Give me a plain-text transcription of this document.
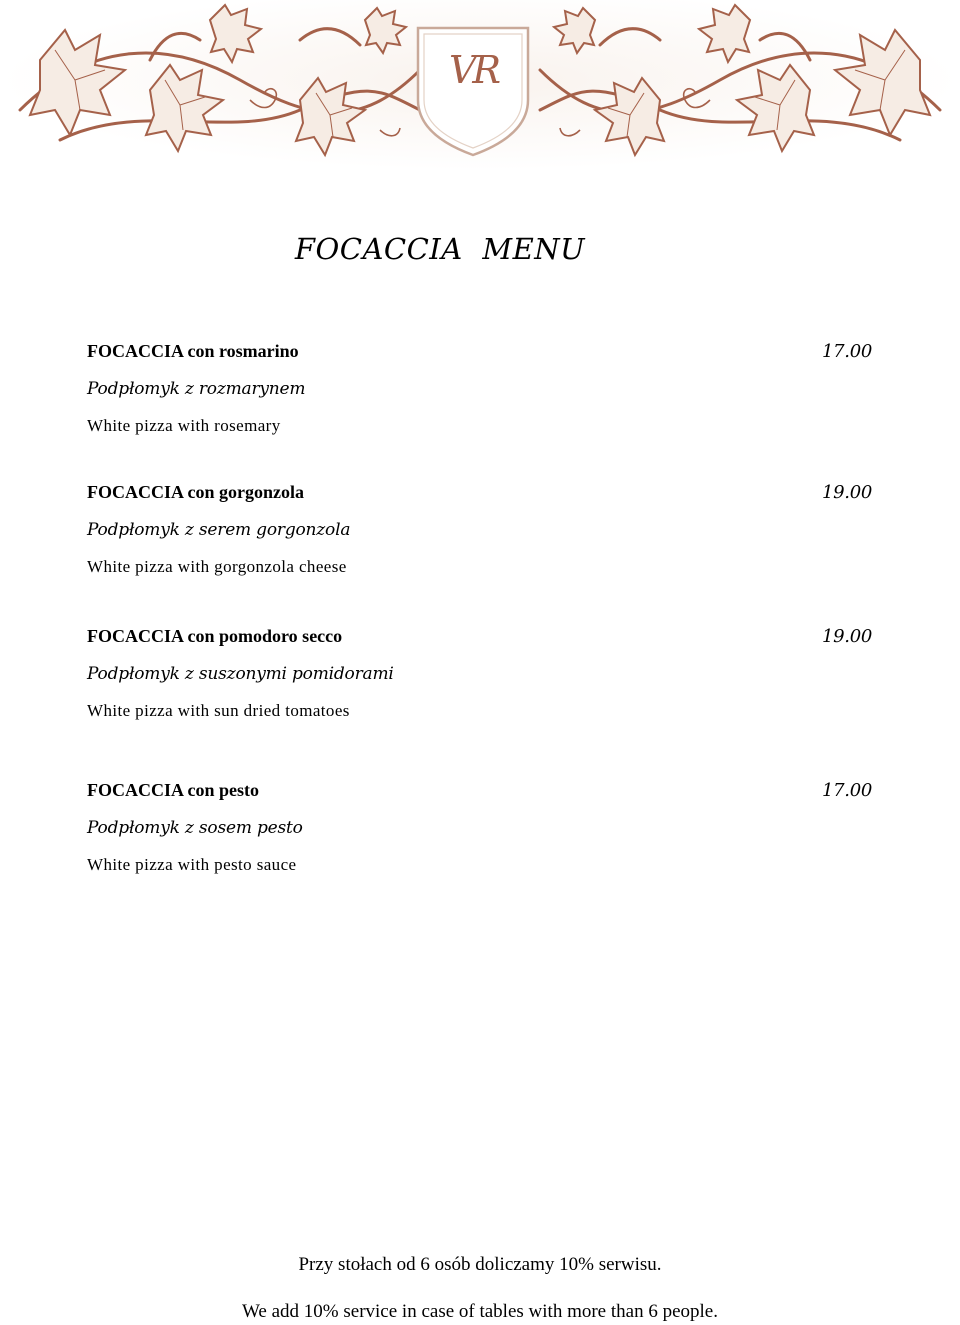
VR
FOCACCIA MENU
FOCACCIA con rosmarino	17.00
Podpłomyk z rozmarynem
White pizza with rosemary
FOCACCIA con gorgonzola	19.00
Podpłomyk z serem gorgonzola
White pizza with gorgonzola cheese
FOCACCIA con pomodoro secco	19.00
Podpłomyk z suszonymi pomidorami
White pizza with sun dried tomatoes
FOCACCIA con pesto	17.00
Podpłomyk z sosem pesto
White pizza with pesto sauce
Przy stołach od 6 osób doliczamy 10% serwisu.
We add 10% service in case of tables with more than 6 people.
